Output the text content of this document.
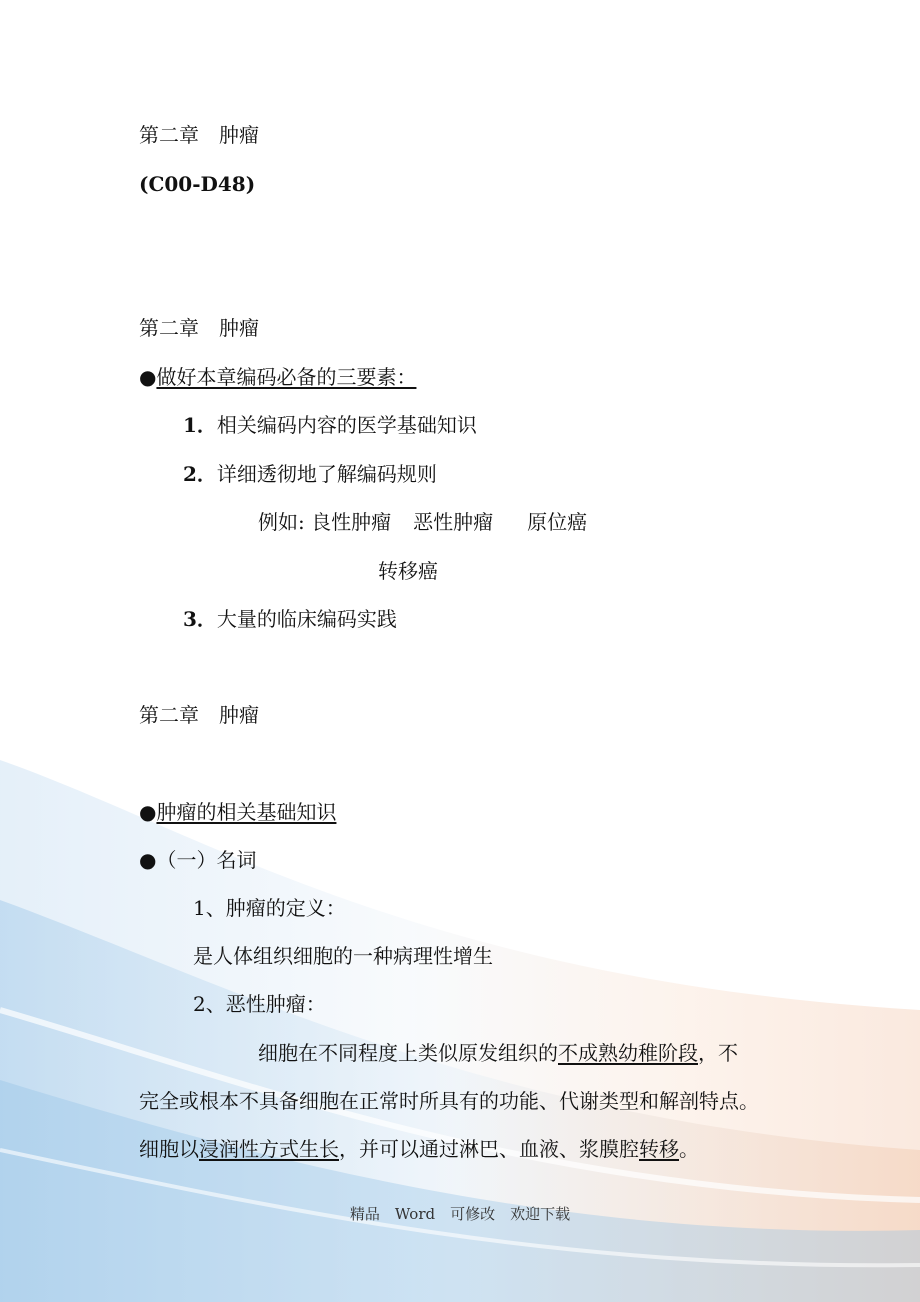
第二章　肿瘤
(C00-D48)
第二章　肿瘤
●做好本章编码必备的三要素：
1．相关编码内容的医学基础知识
2．详细透彻地了解编码规则
例如: 良性肿瘤 恶性肿瘤 原位癌
转移癌
3．大量的临床编码实践
第二章　肿瘤
●肿瘤的相关基础知识
●（一）名词
1、肿瘤的定义：
是人体组织细胞的一种病理性增生
2、恶性肿瘤：
细胞在不同程度上类似原发组织的不成熟幼稚阶段，不
完全或根本不具备细胞在正常时所具有的功能、代谢类型和解剖特点。
细胞以浸润性方式生长，并可以通过淋巴、血液、浆膜腔转移。
精品　Word　可修改　欢迎下载
